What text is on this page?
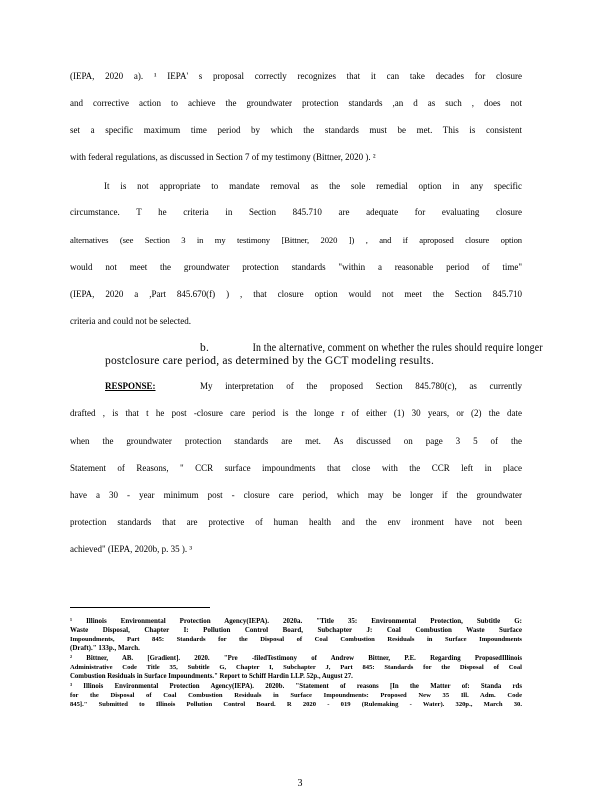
(IEPA, 2020 a). ¹ IEPA' s proposal correctly recognizes that it can take decades for closure
and corrective action to achieve the groundwater protection standards ,an d as such , does not
set a specific maximum time period by which the standards must be met. This is consistent
with federal regulations, as discussed in Section 7 of my testimony (Bittner, 2020 ). ²
It is not appropriate to mandate removal as the sole remedial option in any specific
circumstance. T he criteria in Section 845.710 are adequate for evaluating closure
alternatives (see Section 3 in my testimony [Bittner, 2020 ]) , and if aproposed closure option
would not meet the groundwater protection standards "within a reasonable period of time"
(IEPA, 2020 a ,Part 845.670(f) ) , that closure option would not meet the Section 845.710
criteria and could not be selected.
b.	In the alternative, comment on whether the rules should require longer
postclosure care period, as determined by the GCT modeling results.
RESPONSE:	My interpretation of the proposed Section 845.780(c), as currently
drafted , is that t he post -closure care period is the longe r of either (1) 30 years, or (2) the date
when the groundwater protection standards are met. As discussed on page 3 5 of the
Statement of Reasons, " CCR surface impoundments that close with the CCR left in place
have a 30 - year minimum post - closure care period, which may be longer if the groundwater
protection standards that are protective of human health and the env ironment have not been
achieved" (IEPA, 2020b, p. 35 ). ³
¹ Illinois Environmental Protection Agency(IEPA). 2020a. "Title 35: Environmental Protection, Subtitle G:
Waste Disposal, Chapter I: Pollution Control Board, Subchapter J: Coal Combustion Waste Surface
Impoundments, Part 845: Standards for the Disposal of Coal Combustion Residuals in Surface Impoundments
(Draft)." 133p., March.
² Bittner, AB. [Gradient]. 2020. "Pre -filedTestimony of Andrew Bittner, P.E. Regarding ProposedIllinois
Administrative Code Title 35, Subtitle G, Chapter I, Subchapter J, Part 845: Standards for the Disposal of Coal
Combustion Residuals in Surface Impoundments." Report to Schiff Hardin LLP. 52p., August 27.
³ Illinois Environmental Protection Agency(IEPA). 2020b. "Statement of reasons [In the Matter of: Standa rds
for the Disposal of Coal Combustion Residuals in Surface Impoundments: Proposed New 35 Ill. Adm. Code
845]." Submitted to Illinois Pollution Control Board. R 2020 - 019 (Rulemaking - Water). 320p., March 30.
3
